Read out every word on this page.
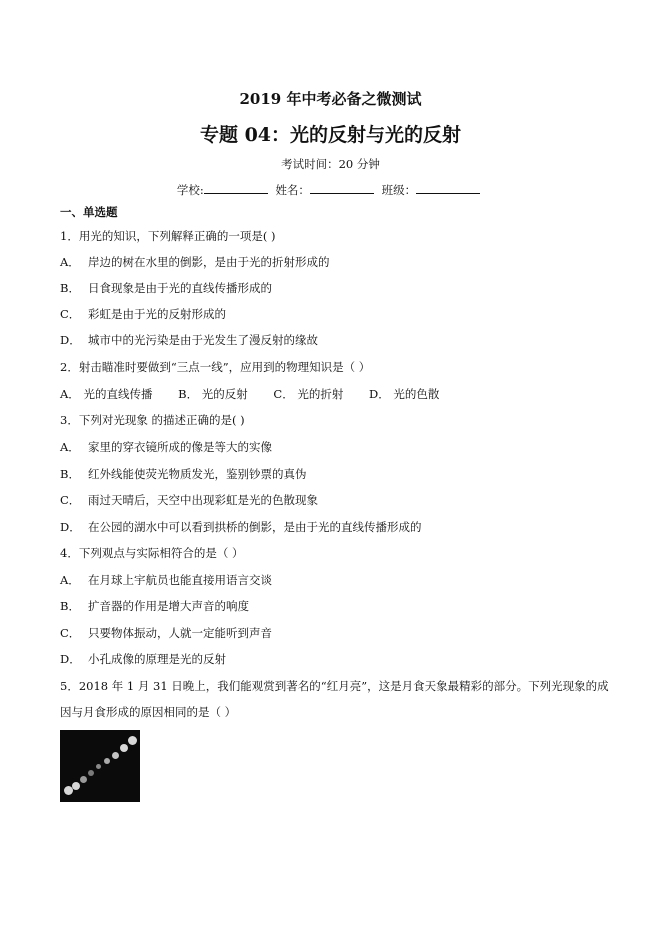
2019 年中考必备之微测试
专题 04：光的反射与光的反射
考试时间：20 分钟
学校:	姓名：	班级：
一、单选题
1．用光的知识，下列解释正确的一项是( )
A． 岸边的树在水里的倒影，是由于光的折射形成的
B． 日食现象是由于光的直线传播形成的
C． 彩虹是由于光的反射形成的
D． 城市中的光污染是由于光发生了漫反射的缘故
2．射击瞄准时要做到“三点一线”，应用到的物理知识是（ ）
A． 光的直线传播 B． 光的反射 C． 光的折射 D． 光的色散
3．下列对光现象 的描述正确的是( )
A． 家里的穿衣镜所成的像是等大的实像
B． 红外线能使荧光物质发光，鉴别钞票的真伪
C． 雨过天晴后，天空中出现彩虹是光的色散现象
D． 在公园的湖水中可以看到拱桥的倒影，是由于光的直线传播形成的
4．下列观点与实际相符合的是（ ）
A． 在月球上宇航员也能直接用语言交谈
B． 扩音器的作用是增大声音的响度
C． 只要物体振动，人就一定能听到声音
D． 小孔成像的原理是光的反射
5．2018 年 1 月 31 日晚上，我们能观赏到著名的“红月亮”，这是月食天象最精彩的部分。下列光现象的成
因与月食形成的原因相同的是（ ）
